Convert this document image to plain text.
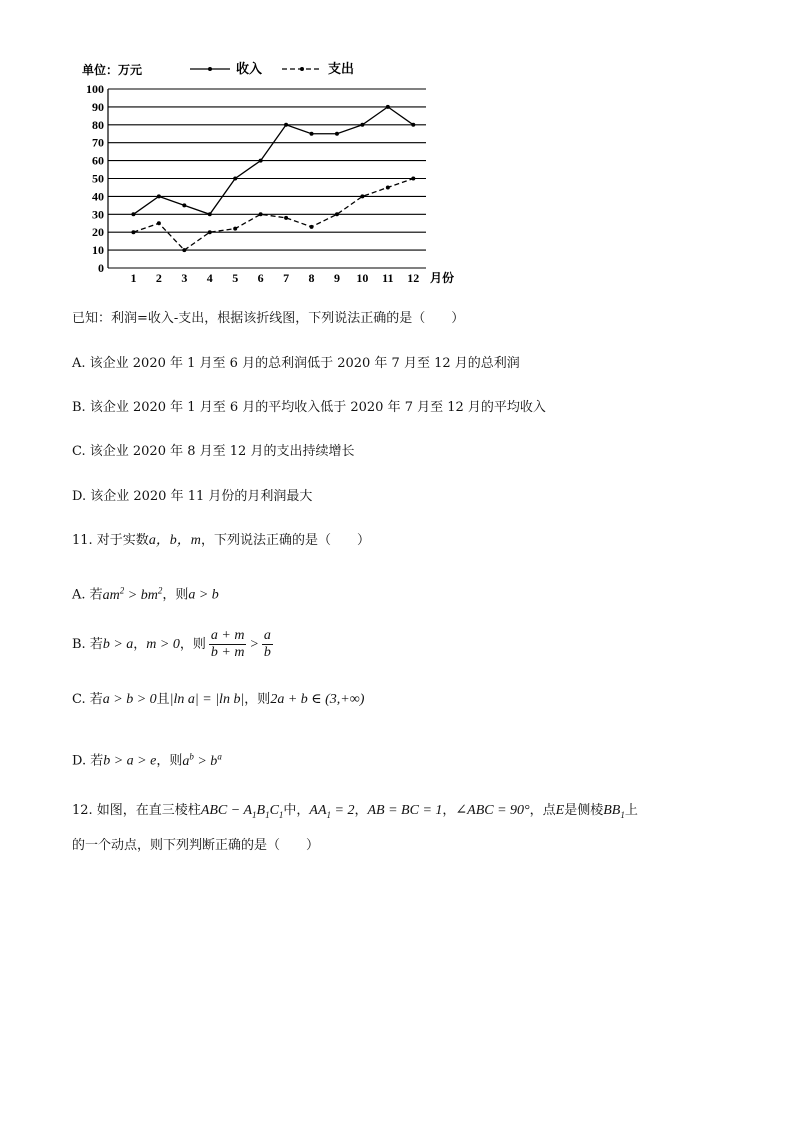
单位：万元	收入	支出
0
10
20
30
40
50
60
70
80
90
100
1 2 3 4 5 6 7 8 9 10 11 12 月份
已知：利润=收入-支出，根据该折线图，下列说法正确的是（　　）
A. 该企业 2020 年 1 月至 6 月的总利润低于 2020 年 7 月至 12 月的总利润
B. 该企业 2020 年 1 月至 6 月的平均收入低于 2020 年 7 月至 12 月的平均收入
C. 该企业 2020 年 8 月至 12 月的支出持续增长
D. 该企业 2020 年 11 月份的月利润最大
11. 对于实数a，b，m，下列说法正确的是（　　）
A. 若$am^2 > bm^2$，则a > b
B. 若b > a，m > 0，则 $\frac{a + m}{b + m} > \frac{a}{b}$
C. 若a > b > 0且|ln a| = |ln b|，则2a + b ∈ (3,+∞)
D. 若b > a > e，则$a^b > b^a$
12. 如图，在直三棱柱ABC − $A_1B_1C_1$中，$AA_1 = 2$，AB = BC = 1，∠ABC = 90°，点E是侧棱$BB_1$上
的一个动点，则下列判断正确的是（　　）
